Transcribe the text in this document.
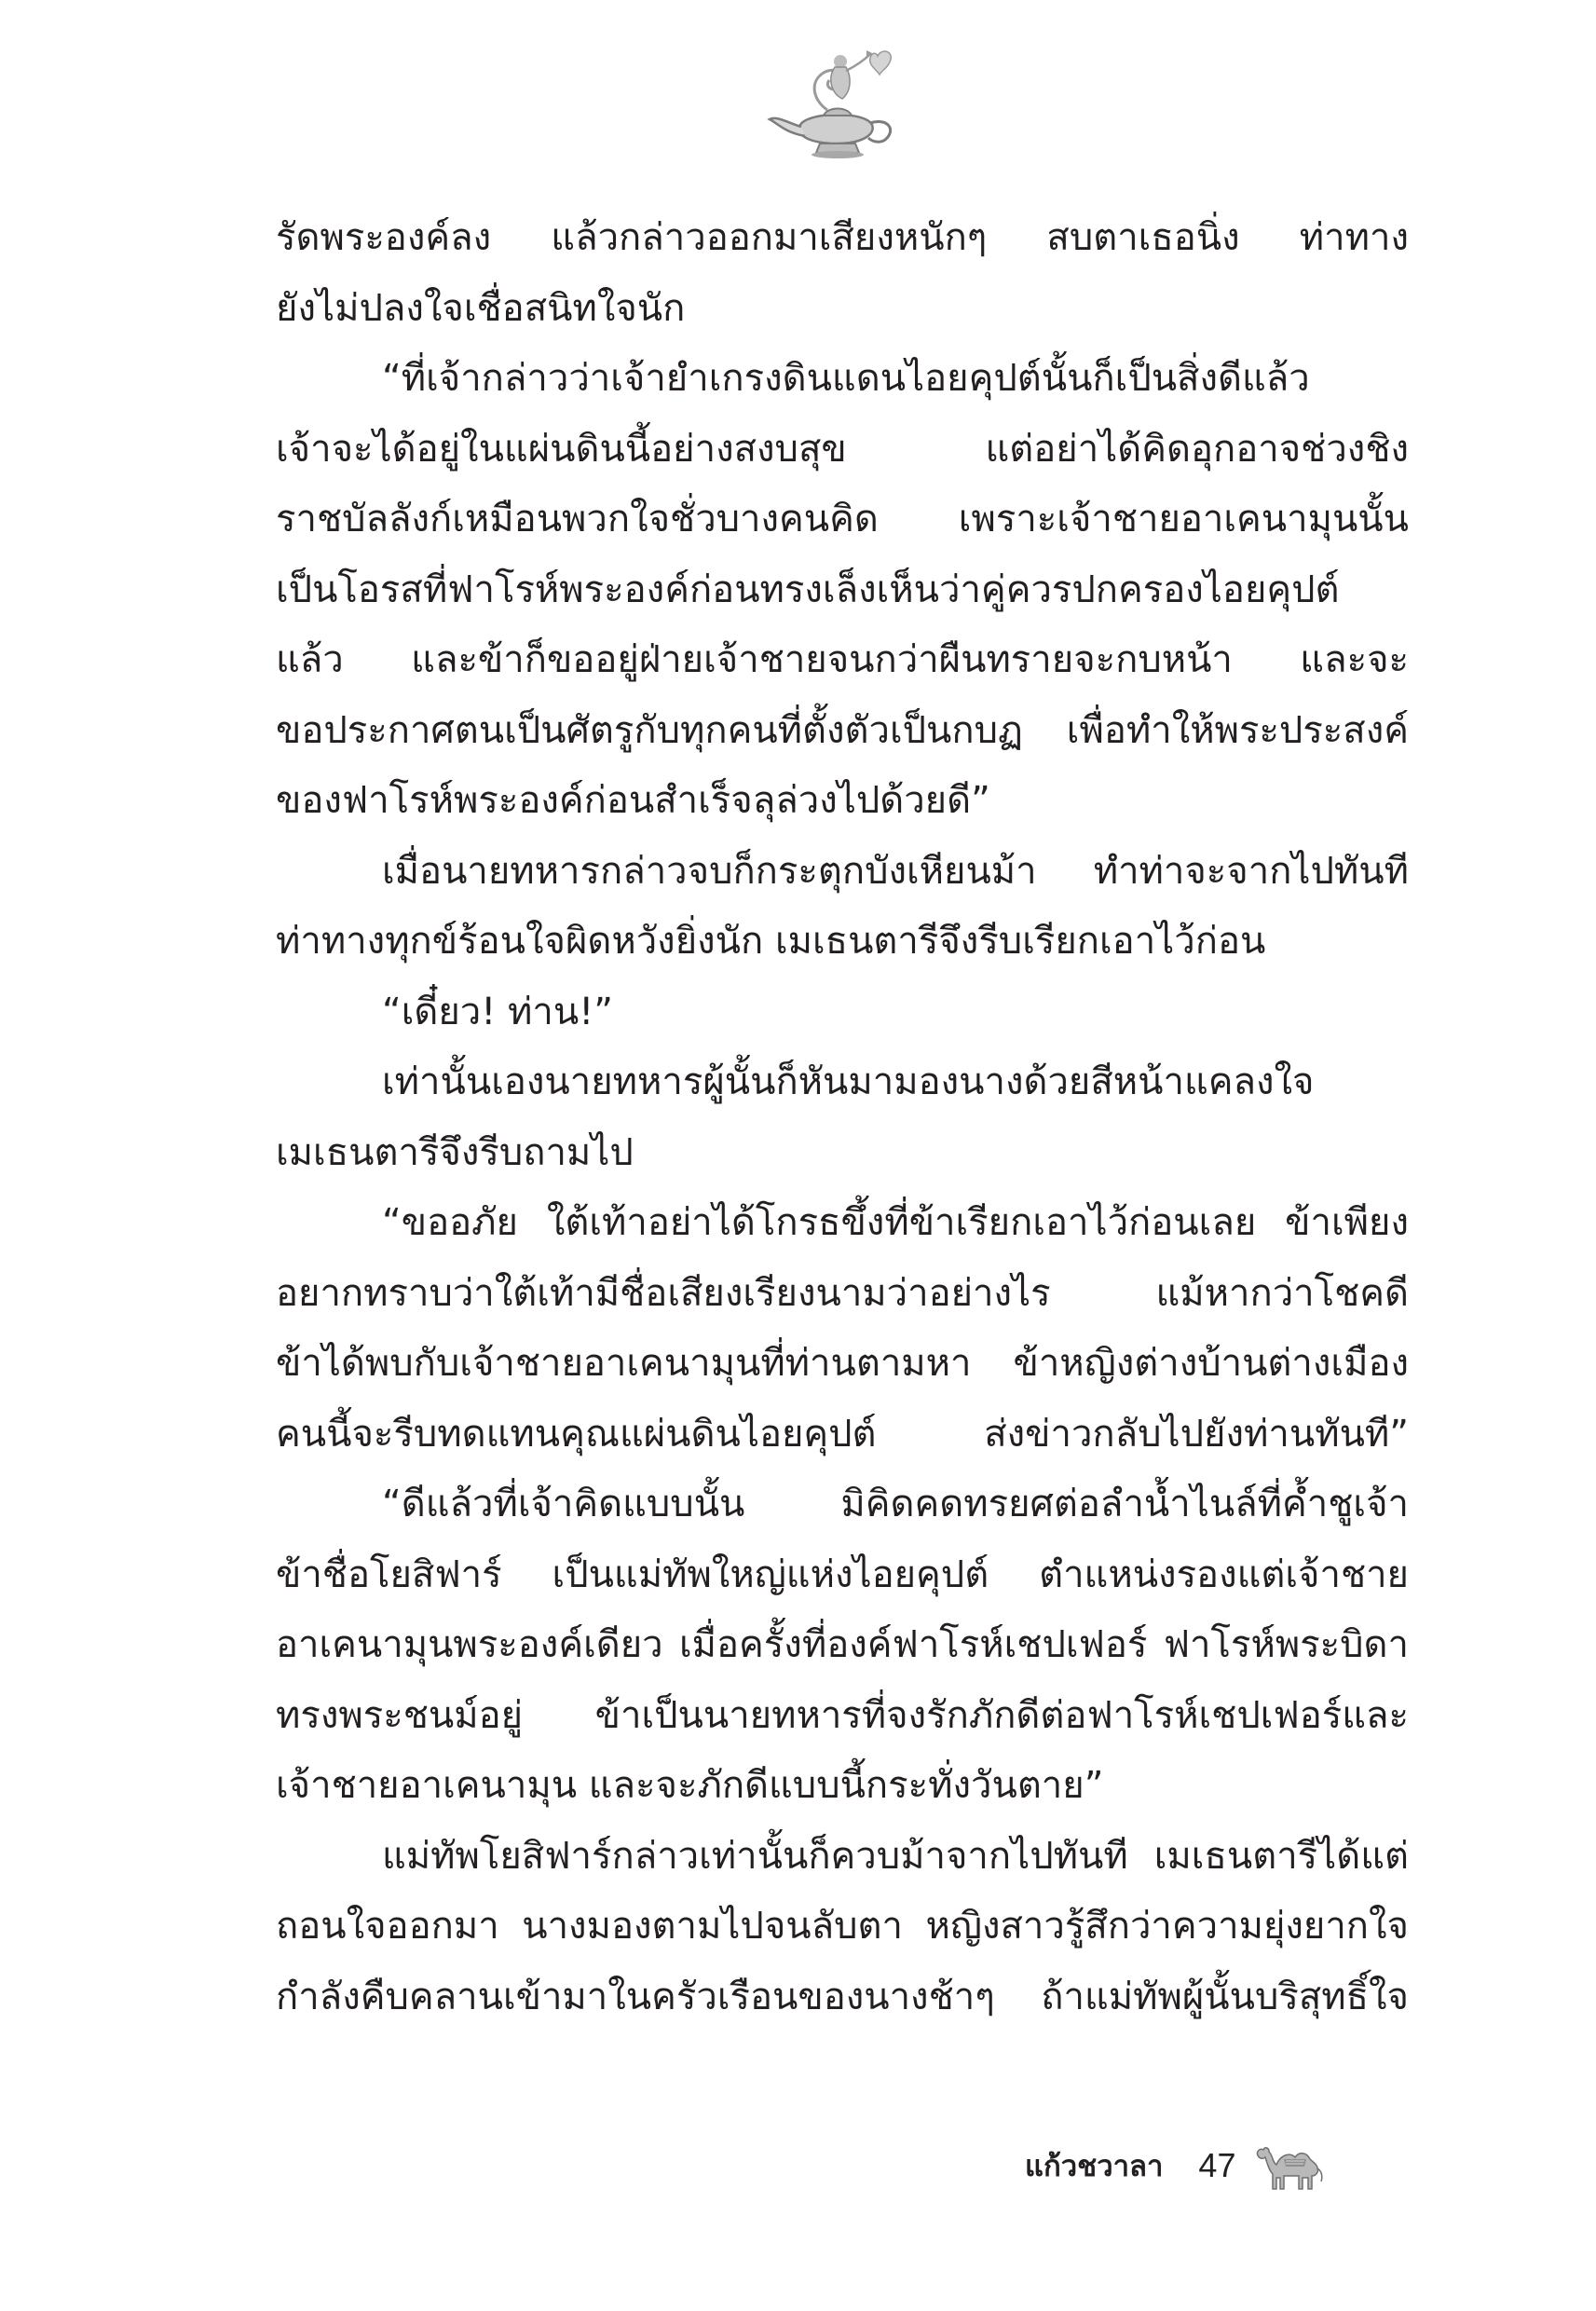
รัดพระองค์ลง แล้วกล่าวออกมาเสียงหนักๆ สบตาเธอนิ่ง ท่าทาง
ยังไม่ปลงใจเชื่อสนิทใจนัก
“ที่เจ้ากล่าวว่าเจ้ายำเกรงดินแดนไอยคุปต์นั้นก็เป็นสิ่งดีแล้ว
เจ้าจะได้อยู่ในแผ่นดินนี้อย่างสงบสุข แต่อย่าได้คิดอุกอาจช่วงชิง
ราชบัลลังก์เหมือนพวกใจชั่วบางคนคิด เพราะเจ้าชายอาเคนามุนนั้น
เป็นโอรสที่ฟาโรห์พระองค์ก่อนทรงเล็งเห็นว่าคู่ควรปกครองไอยคุปต์
แล้ว และข้าก็ขออยู่ฝ่ายเจ้าชายจนกว่าผืนทรายจะกบหน้า และจะ
ขอประกาศตนเป็นศัตรูกับทุกคนที่ตั้งตัวเป็นกบฏ เพื่อทำให้พระประสงค์
ของฟาโรห์พระองค์ก่อนสำเร็จลุล่วงไปด้วยดี”
เมื่อนายทหารกล่าวจบก็กระตุกบังเหียนม้า ทำท่าจะจากไปทันที
ท่าทางทุกข์ร้อนใจผิดหวังยิ่งนัก เมเธนตารีจึงรีบเรียกเอาไว้ก่อน
“เดี๋ยว! ท่าน!”
เท่านั้นเองนายทหารผู้นั้นก็หันมามองนางด้วยสีหน้าแคลงใจ
เมเธนตารีจึงรีบถามไป
“ขออภัย ใต้เท้าอย่าได้โกรธขึ้งที่ข้าเรียกเอาไว้ก่อนเลย ข้าเพียง
อยากทราบว่าใต้เท้ามีชื่อเสียงเรียงนามว่าอย่างไร แม้หากว่าโชคดี
ข้าได้พบกับเจ้าชายอาเคนามุนที่ท่านตามหา ข้าหญิงต่างบ้านต่างเมือง
คนนี้จะรีบทดแทนคุณแผ่นดินไอยคุปต์ ส่งข่าวกลับไปยังท่านทันที”
“ดีแล้วที่เจ้าคิดแบบนั้น มิคิดคดทรยศต่อลำน้ำไนล์ที่ค้ำชูเจ้า
ข้าชื่อโยสิฟาร์ เป็นแม่ทัพใหญ่แห่งไอยคุปต์ ตำแหน่งรองแต่เจ้าชาย
อาเคนามุนพระองค์เดียว เมื่อครั้งที่องค์ฟาโรห์เชปเฟอร์ ฟาโรห์พระบิดา
ทรงพระชนม์อยู่ ข้าเป็นนายทหารที่จงรักภักดีต่อฟาโรห์เชปเฟอร์และ
เจ้าชายอาเคนามุน และจะภักดีแบบนี้กระทั่งวันตาย”
แม่ทัพโยสิฟาร์กล่าวเท่านั้นก็ควบม้าจากไปทันที เมเธนตารีได้แต่
ถอนใจออกมา นางมองตามไปจนลับตา หญิงสาวรู้สึกว่าความยุ่งยากใจ
กำลังคืบคลานเข้ามาในครัวเรือนของนางช้าๆ ถ้าแม่ทัพผู้นั้นบริสุทธิ์ใจ
แก้วชวาลา 47
